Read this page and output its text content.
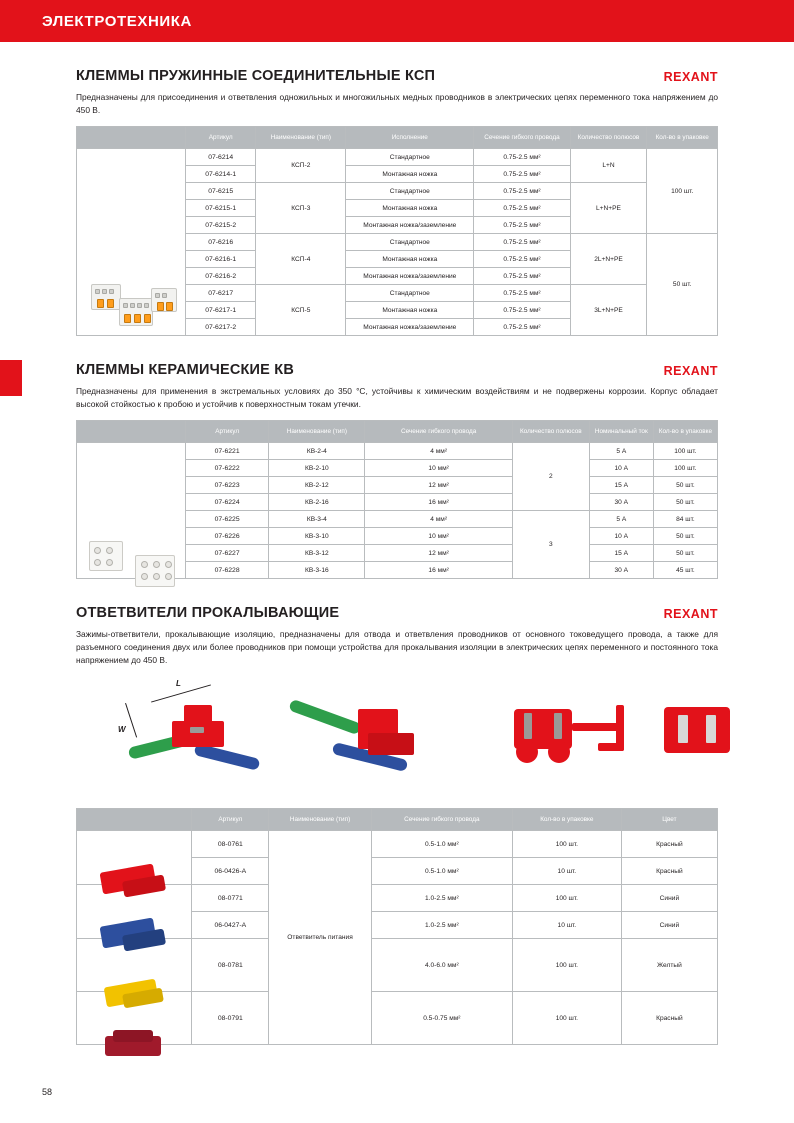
ЭЛЕКТРОТЕХНИКА
КЛЕММЫ ПРУЖИННЫЕ СОЕДИНИТЕЛЬНЫЕ КСП	REXANT
Предназначены для присоединения и ответвления одножильных и многожильных медных проводников в электрических цепях переменного тока напряжением до 450 В.
	Артикул	Наименование (тип)	Исполнение	Сечение гибкого провода	Количество полюсов	Кол-во в упаковке

	07-6214	КСП-2	Стандартное	0.75-2.5 мм²	L+N	100 шт.
	07-6214-1		Монтажная ножка	0.75-2.5 мм²		
	07-6215	КСП-3	Стандартное	0.75-2.5 мм²	L+N+PE	
	07-6215-1		Монтажная ножка	0.75-2.5 мм²		
	07-6215-2		Монтажная ножка/заземление	0.75-2.5 мм²		
	07-6216	КСП-4	Стандартное	0.75-2.5 мм²	2L+N+PE	50 шт.
	07-6216-1		Монтажная ножка	0.75-2.5 мм²		
	07-6216-2		Монтажная ножка/заземление	0.75-2.5 мм²		
	07-6217	КСП-5	Стандартное	0.75-2.5 мм²	3L+N+PE	
	07-6217-1		Монтажная ножка	0.75-2.5 мм²		
	07-6217-2		Монтажная ножка/заземление	0.75-2.5 мм²		
КЛЕММЫ КЕРАМИЧЕСКИЕ КВ	REXANT
Предназначены для применения в экстремальных условиях до 350 °С, устойчивы к химическим воздействиям и не подвержены коррозии. Корпус обладает высокой стойкостью к пробою и устойчив к поверхностным токам утечки.
	Артикул	Наименование (тип)	Сечение гибкого провода	Количество полюсов	Номинальный ток	Кол-во в упаковке

	07-6221	КВ-2-4	4 мм²	2	5 А	100 шт.
	07-6222	КВ-2-10	10 мм²		10 А	100 шт.
	07-6223	КВ-2-12	12 мм²		15 А	50 шт.
	07-6224	КВ-2-16	16 мм²		30 А	50 шт.
	07-6225	КВ-3-4	4 мм²	3	5 А	84 шт.
	07-6226	КВ-3-10	10 мм²		10 А	50 шт.
	07-6227	КВ-3-12	12 мм²		15 А	50 шт.
	07-6228	КВ-3-16	16 мм²		30 А	45 шт.
ОТВЕТВИТЕЛИ ПРОКАЛЫВАЮЩИЕ	REXANT
Зажимы-ответвители, прокалывающие изоляцию, предназначены для отвода и ответвления проводников от основного токоведущего провода, а также для разъемного соединения двух или более проводников при помощи устройства для прокалывания изоляции в электрических цепях переменного и постоянного тока напряжением до 450 В.
L
W
	Артикул	Наименование (тип)	Сечение гибкого провода	Кол-во в упаковке	Цвет

	08-0761	Ответвитель питания	0.5-1.0 мм²	100 шт.	Красный
	06-0426-A		0.5-1.0 мм²	10 шт.	Красный

	08-0771		1.0-2.5 мм²	100 шт.	Синий
	06-0427-A		1.0-2.5 мм²	10 шт.	Синий

	08-0781		4.0-6.0 мм²	100 шт.	Желтый

	08-0791		0.5-0.75 мм²	100 шт.	Красный
58
